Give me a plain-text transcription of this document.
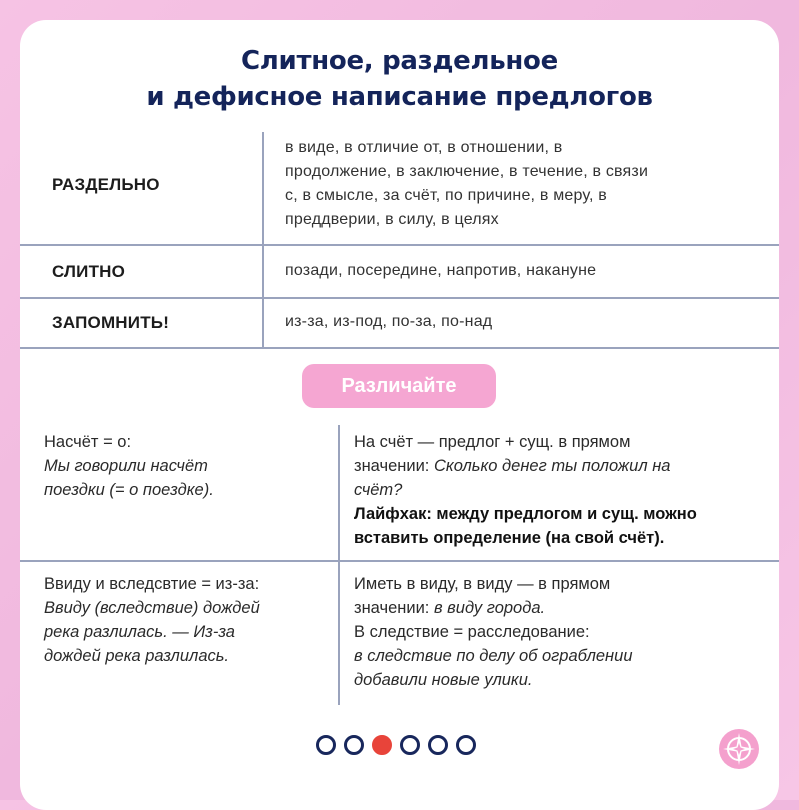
Слитное, раздельное
и дефисное написание предлогов
РАЗДЕЛЬНО
в виде, в отличие от, в отношении, в
продолжение, в заключение, в течение, в связи
с, в смысле, за счёт, по причине, в меру, в
преддверии, в силу, в целях
СЛИТНО	позади, посередине, напротив, накануне
ЗАПОМНИТЬ!	из-за, из-под, по-за, по-над
Различайте
Насчёт = о:
Мы говорили насчёт
поездки (= о поездке).
На счёт — предлог + сущ. в прямом
значении: Сколько денег ты положил на
счёт?
Лайфхак: между предлогом и сущ. можно
вставить определение (на свой счёт).
Ввиду и вследсвтие = из-за:
Ввиду (вследствие) дождей
река разлилась. — Из-за
дождей река разлилась.
Иметь в виду, в виду — в прямом
значении: в виду города.
В следствие = расследование:
в следствие по делу об ограблении
добавили новые улики.
